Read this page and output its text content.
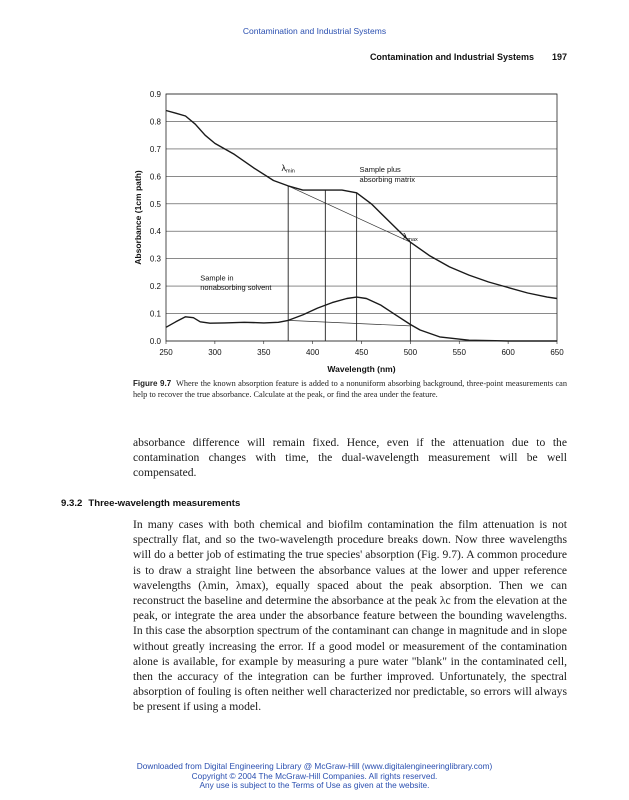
Contamination and Industrial Systems
Contamination and Industrial Systems 197
0.0
0.1
0.2
0.3
0.4
0.5
0.6
0.7
0.8
0.9
250	300	350	400	450	500	550	600	650
λmin	Sample plus
absorbing matrix
λmax
Sample in
nonabsorbing solvent
Wavelength (nm)
Absorbance (1cm path)
Figure 9.7 Where the known absorption feature is added to a nonuniform absorbing background, three-point measurements can help to recover the true absorbance. Calculate at the peak, or find the area under the feature.

absorbance difference will remain fixed. Hence, even if the attenuation due to the contamination changes with time, the dual-wavelength measurement will be well compensated.

9.3.2 Three-wavelength measurements

In many cases with both chemical and biofilm contamination the film attenuation is not spectrally flat, and so the two-wavelength procedure breaks down. Now three wavelengths will do a better job of estimating the true species' absorption (Fig. 9.7). A common procedure is to draw a straight line between the absorbance values at the lower and upper reference wavelengths (λmin, λmax), equally spaced about the peak absorption. Then we can reconstruct the baseline and determine the absorbance at the peak λc from the elevation at the peak, or integrate the area under the absorbance feature between the bounding wavelengths. In this case the absorption spectrum of the contaminant can change in magnitude and in slope without greatly increasing the error. If a good model or measurement of the contamination alone is available, for example by measuring a pure water "blank" in the contaminated cell, then the accuracy of the integration can be further improved. Unfortunately, the spectral absorption of fouling is often neither well characterized nor predictable, so errors will always be present if using a model.

Downloaded from Digital Engineering Library @ McGraw-Hill (www.digitalengineeringlibrary.com)
Copyright © 2004 The McGraw-Hill Companies. All rights reserved.
Any use is subject to the Terms of Use as given at the website.
